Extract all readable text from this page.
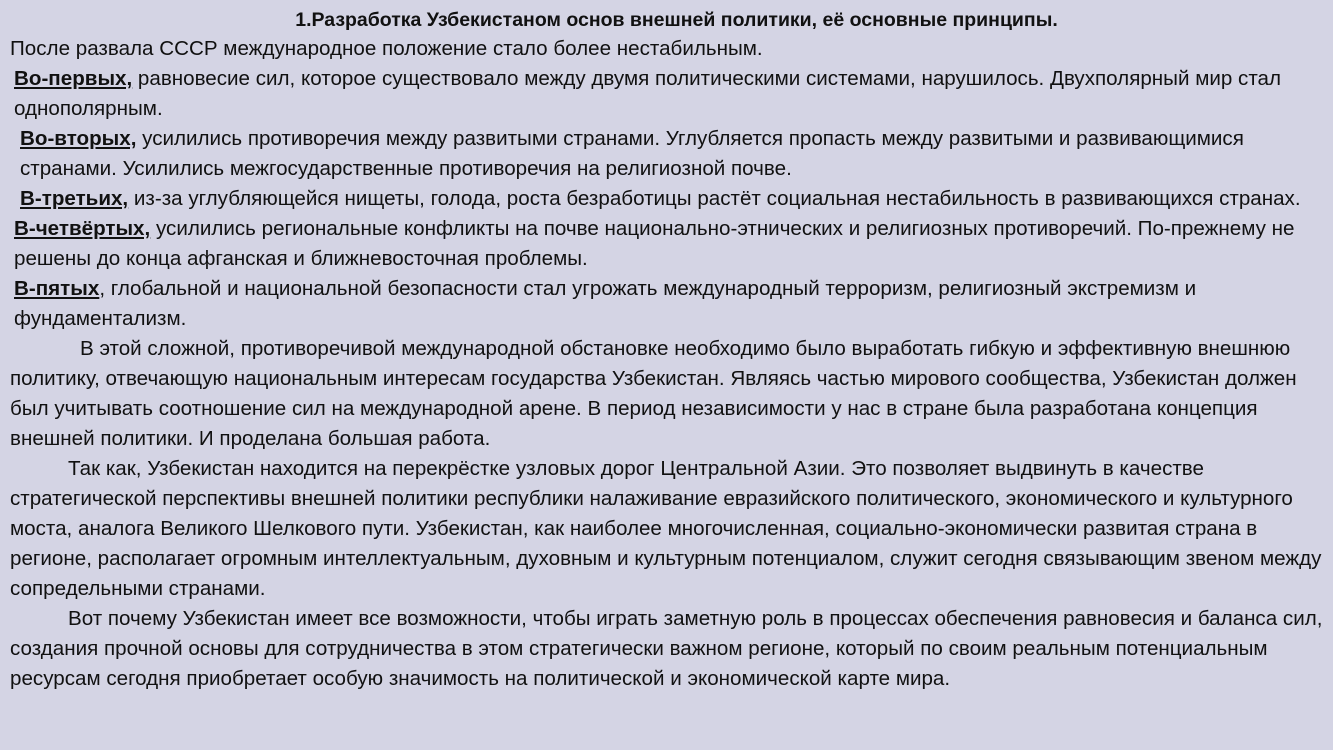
1.Разработка Узбекистаном основ внешней политики, её основные принципы.

После развала СССР международное положение стало более нестабильным.

Во-первых, равновесие сил, которое существовало между двумя политическими системами, нарушилось. Двухполярный мир стал однополярным.

Во-вторых, усилились противоречия между развитыми странами. Углубляется пропасть между развитыми и развивающимися странами. Усилились межгосударственные противоречия на религиозной почве.

В-третьих, из-за углубляющейся нищеты, голода, роста безработицы растёт социальная нестабильность в развивающихся странах.

В-четвёртых, усилились региональные конфликты на почве национально-этнических и религиозных противоречий. По-прежнему не решены до конца афганская и ближневосточная проблемы.

В-пятых, глобальной и национальной безопасности стал угрожать международный терроризм, религиозный экстремизм и фундаментализм.

В этой сложной, противоречивой международной обстановке необходимо было выработать гибкую и эффективную внешнюю политику, отвечающую национальным интересам государства Узбекистан. Являясь частью мирового сообщества, Узбекистан должен был учитывать соотношение сил на международной арене. В период независимости у нас в стране была разработана концепция внешней политики. И проделана большая работа.

Так как, Узбекистан находится на перекрёстке узловых дорог Центральной Азии. Это позволяет выдвинуть в качестве стратегической перспективы внешней политики республики налаживание евразийского политического, экономического и культурного моста, аналога Великого Шелкового пути. Узбекистан, как наиболее многочисленная, социально-экономически развитая страна в регионе, располагает огромным интеллектуальным, духовным и культурным потенциалом, служит сегодня связывающим звеном между сопредельными странами.

Вот почему Узбекистан имеет все возможности, чтобы играть заметную роль в процессах обеспечения равновесия и баланса сил, создания прочной основы для сотрудничества в этом стратегически важном регионе, который по своим реальным потенциальным ресурсам сегодня приобретает особую значимость на политической и экономической карте мира.
